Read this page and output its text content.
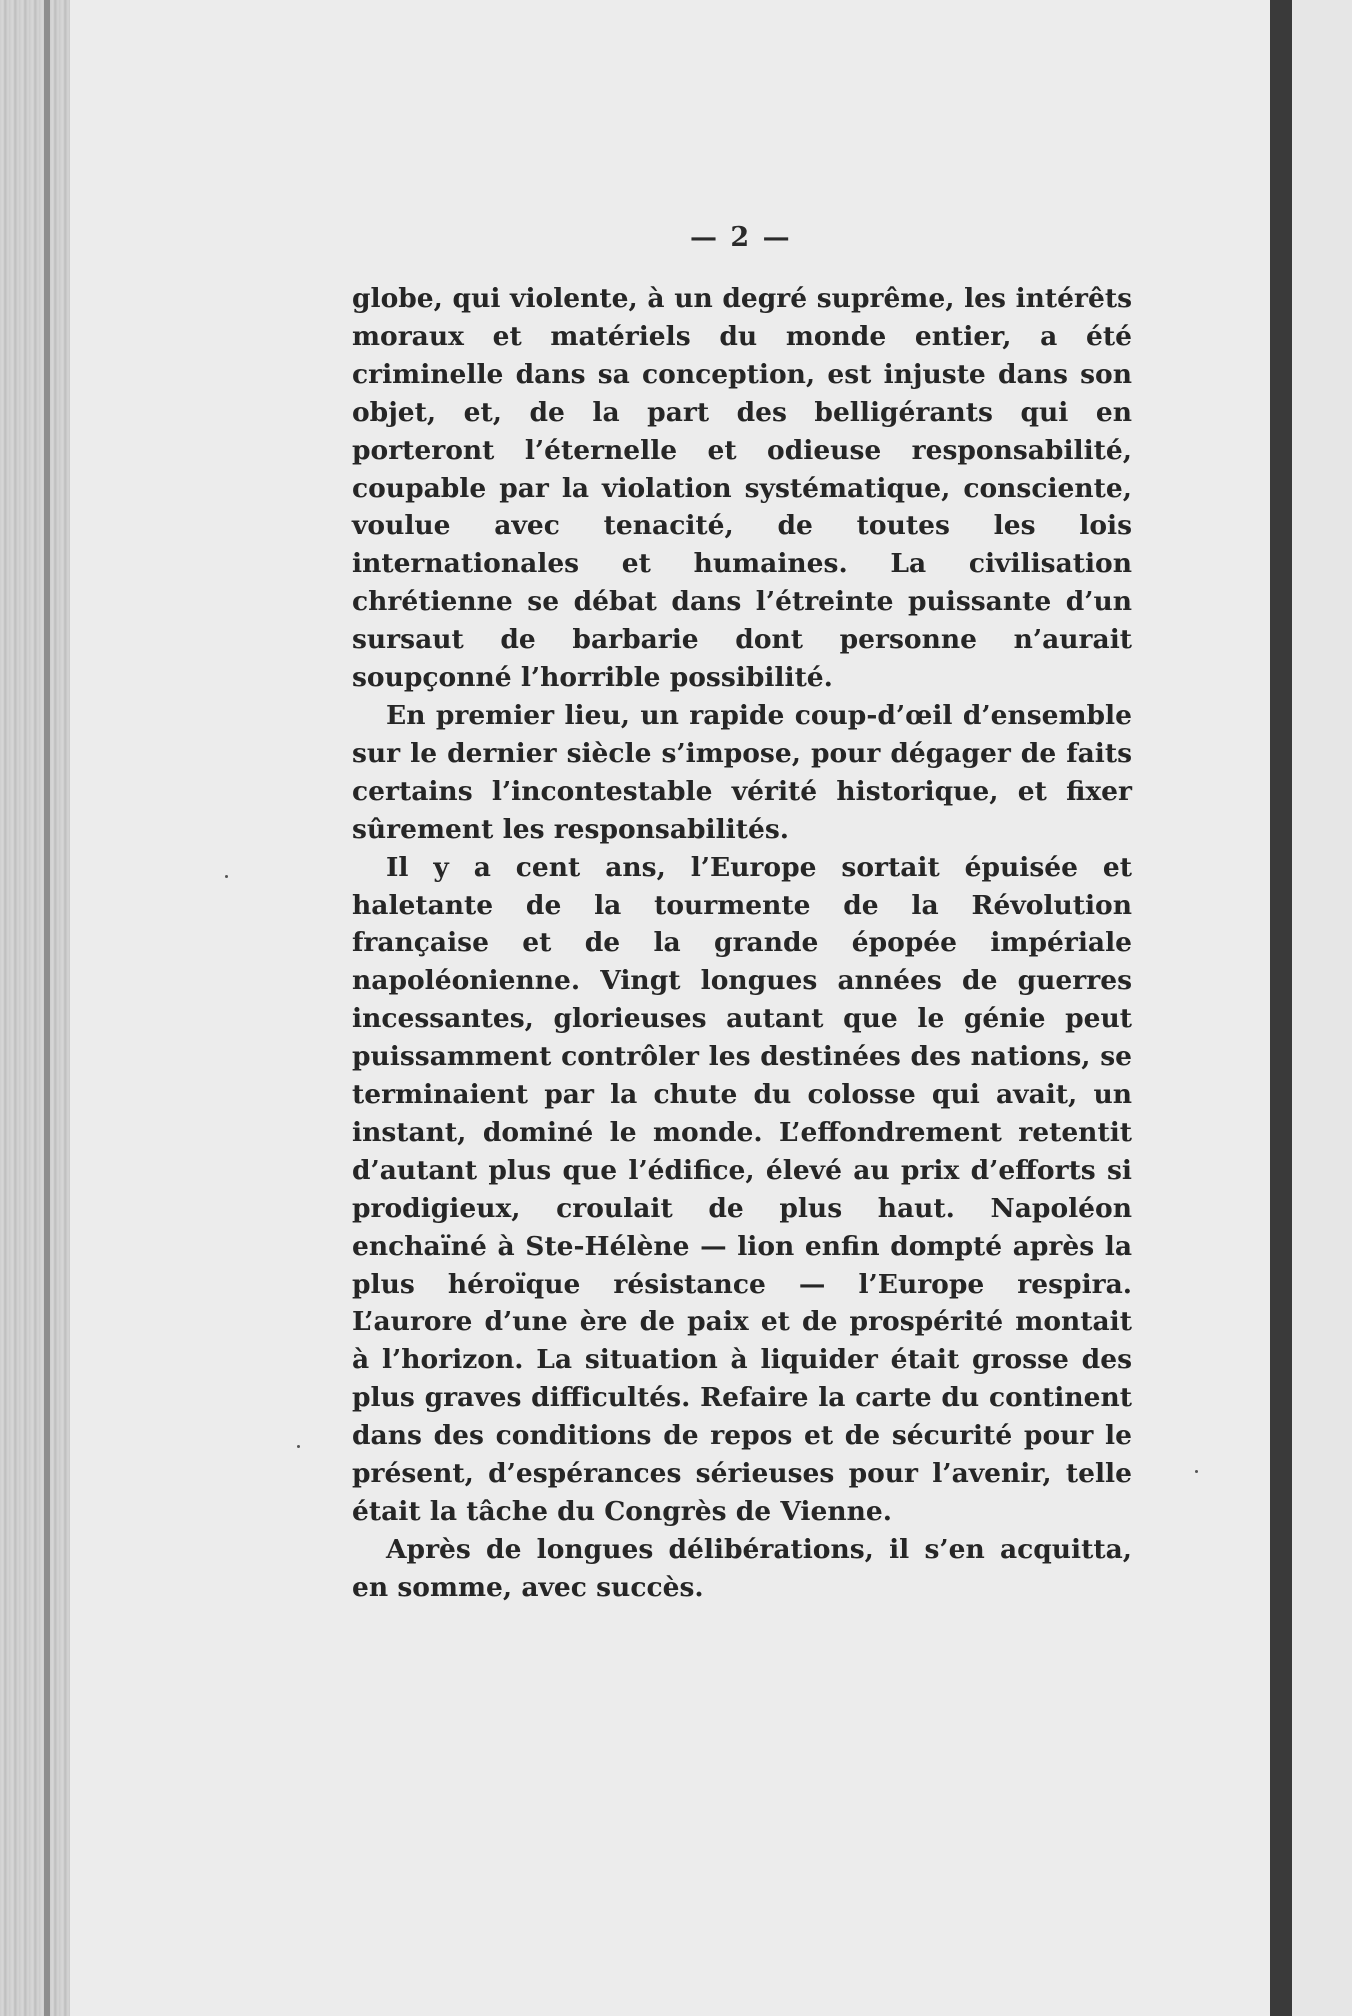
— 2 —

globe, qui violente, à un degré suprême, les intérêts moraux et matériels du monde entier, a été criminelle dans sa conception, est injuste dans son objet, et, de la part des belligérants qui en porteront l’éternelle et odieuse responsabilité, coupable par la violation systématique, consciente, voulue avec tenacité, de toutes les lois internationales et humaines. La civilisation chrétienne se débat dans l’étreinte puissante d’un sursaut de barbarie dont personne n’aurait soupçonné l’horrible possibilité.

En premier lieu, un rapide coup-d’œil d’ensemble sur le dernier siècle s’impose, pour dégager de faits certains l’incontestable vérité historique, et fixer sûrement les responsabilités.

Il y a cent ans, l’Europe sortait épuisée et haletante de la tourmente de la Révolution française et de la grande épopée impériale napoléonienne. Vingt longues années de guerres incessantes, glorieuses autant que le génie peut puissamment contrôler les destinées des nations, se terminaient par la chute du colosse qui avait, un instant, dominé le monde. L’effondrement retentit d’autant plus que l’édifice, élevé au prix d’efforts si prodigieux, croulait de plus haut. Napoléon enchaïné à Ste-Hélène — lion enfin dompté après la plus héroïque résistance — l’Europe respira. L’aurore d’une ère de paix et de prospérité montait à l’horizon. La situation à liquider était grosse des plus graves difficultés. Refaire la carte du continent dans des conditions de repos et de sécurité pour le présent, d’espérances sérieuses pour l’avenir, telle était la tâche du Congrès de Vienne.

Après de longues délibérations, il s’en acquitta, en somme, avec succès.
